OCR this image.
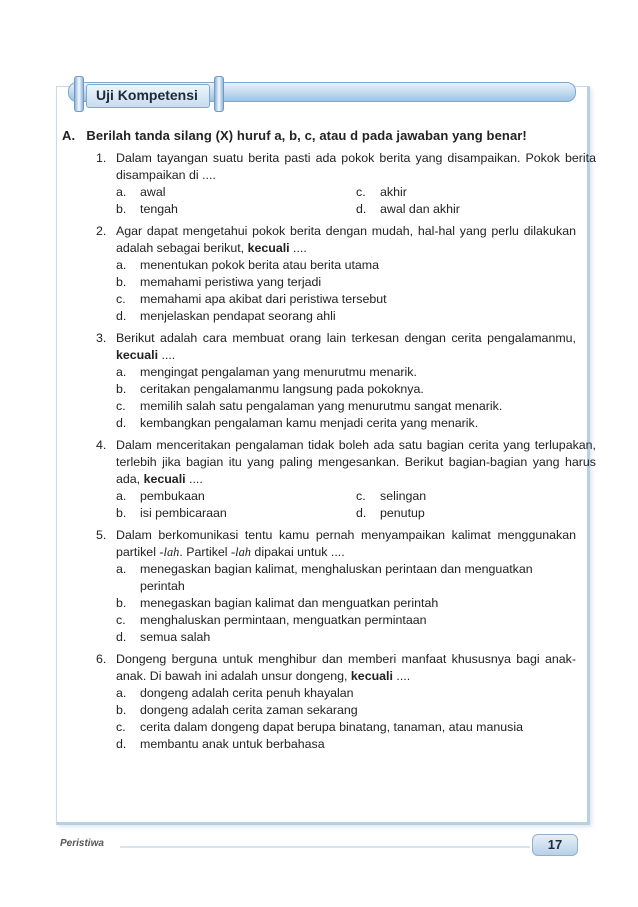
Uji Kompetensi
A. Berilah tanda silang (X) huruf a, b, c, atau d pada jawaban yang benar!
1. Dalam tayangan suatu berita pasti ada pokok berita yang disampaikan. Pokok berita disampaikan di ....
a.	awal	c.	akhir
b.	tengah	d.	awal dan akhir
2. Agar dapat mengetahui pokok berita dengan mudah, hal-hal yang perlu dilakukan adalah sebagai berikut, kecuali ....
a.	menentukan pokok berita atau berita utama
b.	memahami peristiwa yang terjadi
c.	memahami apa akibat dari peristiwa tersebut
d.	menjelaskan pendapat seorang ahli
3. Berikut adalah cara membuat orang lain terkesan dengan cerita pengalamanmu, kecuali ....
a.	mengingat pengalaman yang menurutmu menarik.
b.	ceritakan pengalamanmu langsung pada pokoknya.
c.	memilih salah satu pengalaman yang menurutmu sangat menarik.
d.	kembangkan pengalaman kamu menjadi cerita yang menarik.
4. Dalam menceritakan pengalaman tidak boleh ada satu bagian cerita yang terlupakan, terlebih jika bagian itu yang paling mengesankan. Berikut bagian-bagian yang harus ada, kecuali ....
a.	pembukaan	c.	selingan
b.	isi pembicaraan	d.	penutup
5. Dalam berkomunikasi tentu kamu pernah menyampaikan kalimat menggunakan partikel -lah. Partikel -lah dipakai untuk ....
a.	menegaskan bagian kalimat, menghaluskan perintaan dan menguatkan perintah
b.	menegaskan bagian kalimat dan menguatkan perintah
c.	menghaluskan permintaan, menguatkan permintaan
d.	semua salah
6. Dongeng berguna untuk menghibur dan memberi manfaat khususnya bagi anak-anak. Di bawah ini adalah unsur dongeng, kecuali ....
a.	dongeng adalah cerita penuh khayalan
b.	dongeng adalah cerita zaman sekarang
c.	cerita dalam dongeng dapat berupa binatang, tanaman, atau manusia
d.	membantu anak untuk berbahasa
Peristiwa	17
